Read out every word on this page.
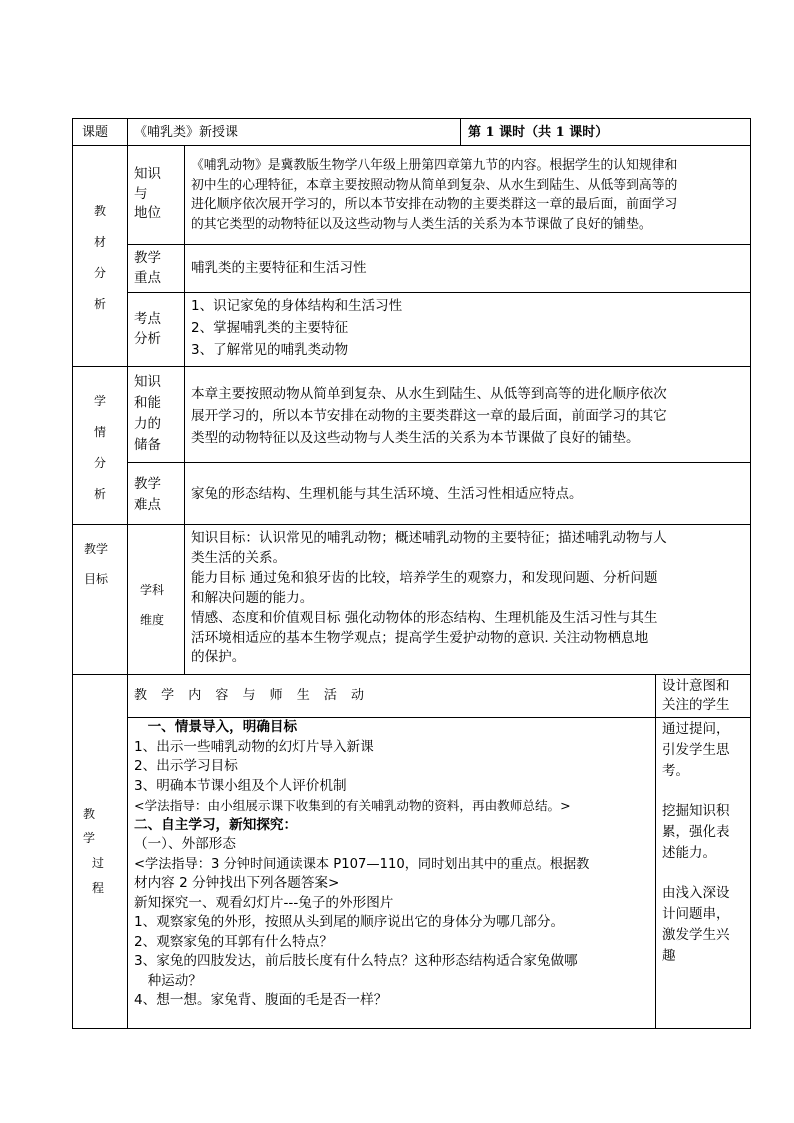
课题 《哺乳类》新授课	第 1 课时（共 1 课时）
教
材
分
析
知识
与
地位
《哺乳动物》是冀教版生物学八年级上册第四章第九节的内容。根据学生的认知规律和
初中生的心理特征，本章主要按照动物从简单到复杂、从水生到陆生、从低等到高等的
进化顺序依次展开学习的，所以本节安排在动物的主要类群这一章的最后面，前面学习
的其它类型的动物特征以及这些动物与人类生活的关系为本节课做了良好的铺垫。
教学
重点
哺乳类的主要特征和生活习性
考点
分析
1、识记家兔的身体结构和生活习性
2、掌握哺乳类的主要特征
3、了解常见的哺乳类动物
学
情
分
析
知识
和能
力的
储备
本章主要按照动物从简单到复杂、从水生到陆生、从低等到高等的进化顺序依次
展开学习的，所以本节安排在动物的主要类群这一章的最后面，前面学习的其它
类型的动物特征以及这些动物与人类生活的关系为本节课做了良好的铺垫。
教学
难点
家兔的形态结构、生理机能与其生活环境、生活习性相适应特点。
教学
目标
学科
维度
知识目标：认识常见的哺乳动物；概述哺乳动物的主要特征；描述哺乳动物与人
类生活的关系。
能力目标 通过兔和狼牙齿的比较，培养学生的观察力，和发现问题、分析问题
和解决问题的能力。
情感、态度和价值观目标 强化动物体的形态结构、生理机能及生活习性与其生
活环境相适应的基本生物学观点；提高学生爱护动物的意识. 关注动物栖息地
的保护。
教
学
过
程
教 学 内 容 与 师 生 活 动
设计意图和
关注的学生
　一、情景导入，明确目标
1、出示一些哺乳动物的幻灯片导入新课
2、出示学习目标
3、明确本节课小组及个人评价机制
<学法指导：由小组展示课下收集到的有关哺乳动物的资料，再由教师总结。>
二、自主学习，新知探究：
（一）、外部形态
<学法指导：3 分钟时间通读课本 P107—110，同时划出其中的重点。根据教
材内容 2 分钟找出下列各题答案>
新知探究一、观看幻灯片---兔子的外形图片
1、观察家兔的外形，按照从头到尾的顺序说出它的身体分为哪几部分。
2、观察家兔的耳郭有什么特点？
3、家兔的四肢发达，前后肢长度有什么特点？这种形态结构适合家兔做哪
　种运动？
4、想一想。家兔背、腹面的毛是否一样？
通过提问，
引发学生思
考。
挖掘知识积
累，强化表
述能力。
由浅入深设
计问题串，
激发学生兴
趣
